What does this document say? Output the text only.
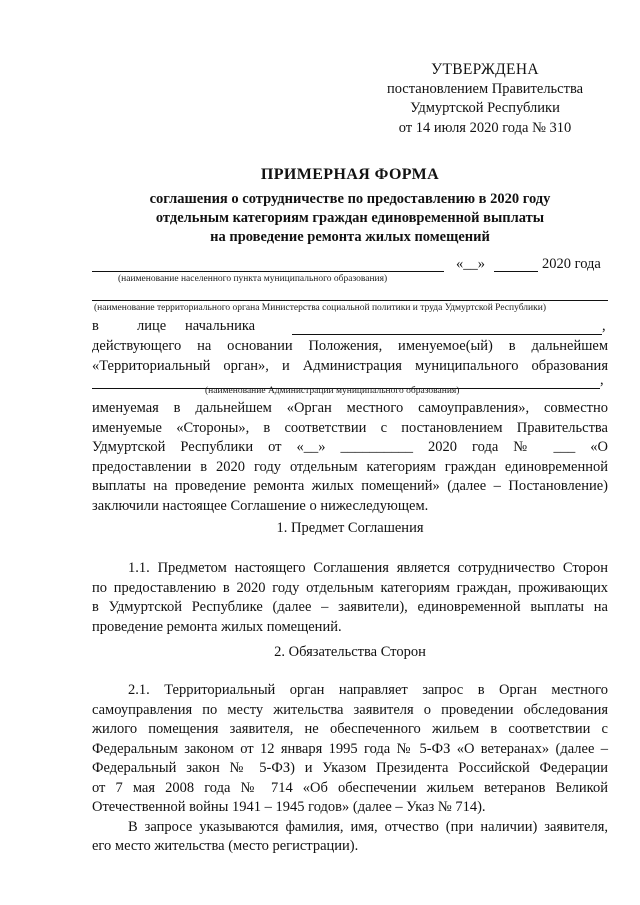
УТВЕРЖДЕНА
постановлением Правительства
Удмуртской Республики
от 14 июля 2020 года № 310
ПРИМЕРНАЯ ФОРМА
соглашения о сотрудничестве по предоставлению в 2020 году
отдельным категориям граждан единовременной выплаты
на проведение ремонта жилых помещений
«__»	2020 года
(наименование населенного пункта муниципального образования)
(наименование территориального органа Министерства социальной политики и труда Удмуртской Республики)
в	лице начальника	,
действующего на основании Положения, именуемое(ый) в дальнейшем
«Территориальный орган», и Администрация муниципального образования
,
(наименование Администрации муниципального образования)
именуемая в дальнейшем «Орган местного самоуправления», совместно
именуемые «Стороны», в соответствии с постановлением Правительства
Удмуртской Республики от «__» __________ 2020 года № ___ «О
предоставлении в 2020 году отдельным категориям граждан единовременной
выплаты на проведение ремонта жилых помещений» (далее – Постановление)
заключили настоящее Соглашение о нижеследующем.
1. Предмет Соглашения
1.1. Предметом настоящего Соглашения является сотрудничество Сторон
по предоставлению в 2020 году отдельным категориям граждан, проживающих
в Удмуртской Республике (далее – заявители), единовременной выплаты на
проведение ремонта жилых помещений.
2. Обязательства Сторон
2.1. Территориальный орган направляет запрос в Орган местного
самоуправления по месту жительства заявителя о проведении обследования
жилого помещения заявителя, не обеспеченного жильем в соответствии с
Федеральным законом от 12 января 1995 года № 5-ФЗ «О ветеранах» (далее –
Федеральный закон № 5-ФЗ) и Указом Президента Российской Федерации
от 7 мая 2008 года № 714 «Об обеспечении жильем ветеранов Великой
Отечественной войны 1941 – 1945 годов» (далее – Указ № 714).
В запросе указываются фамилия, имя, отчество (при наличии) заявителя,
его место жительства (место регистрации).
